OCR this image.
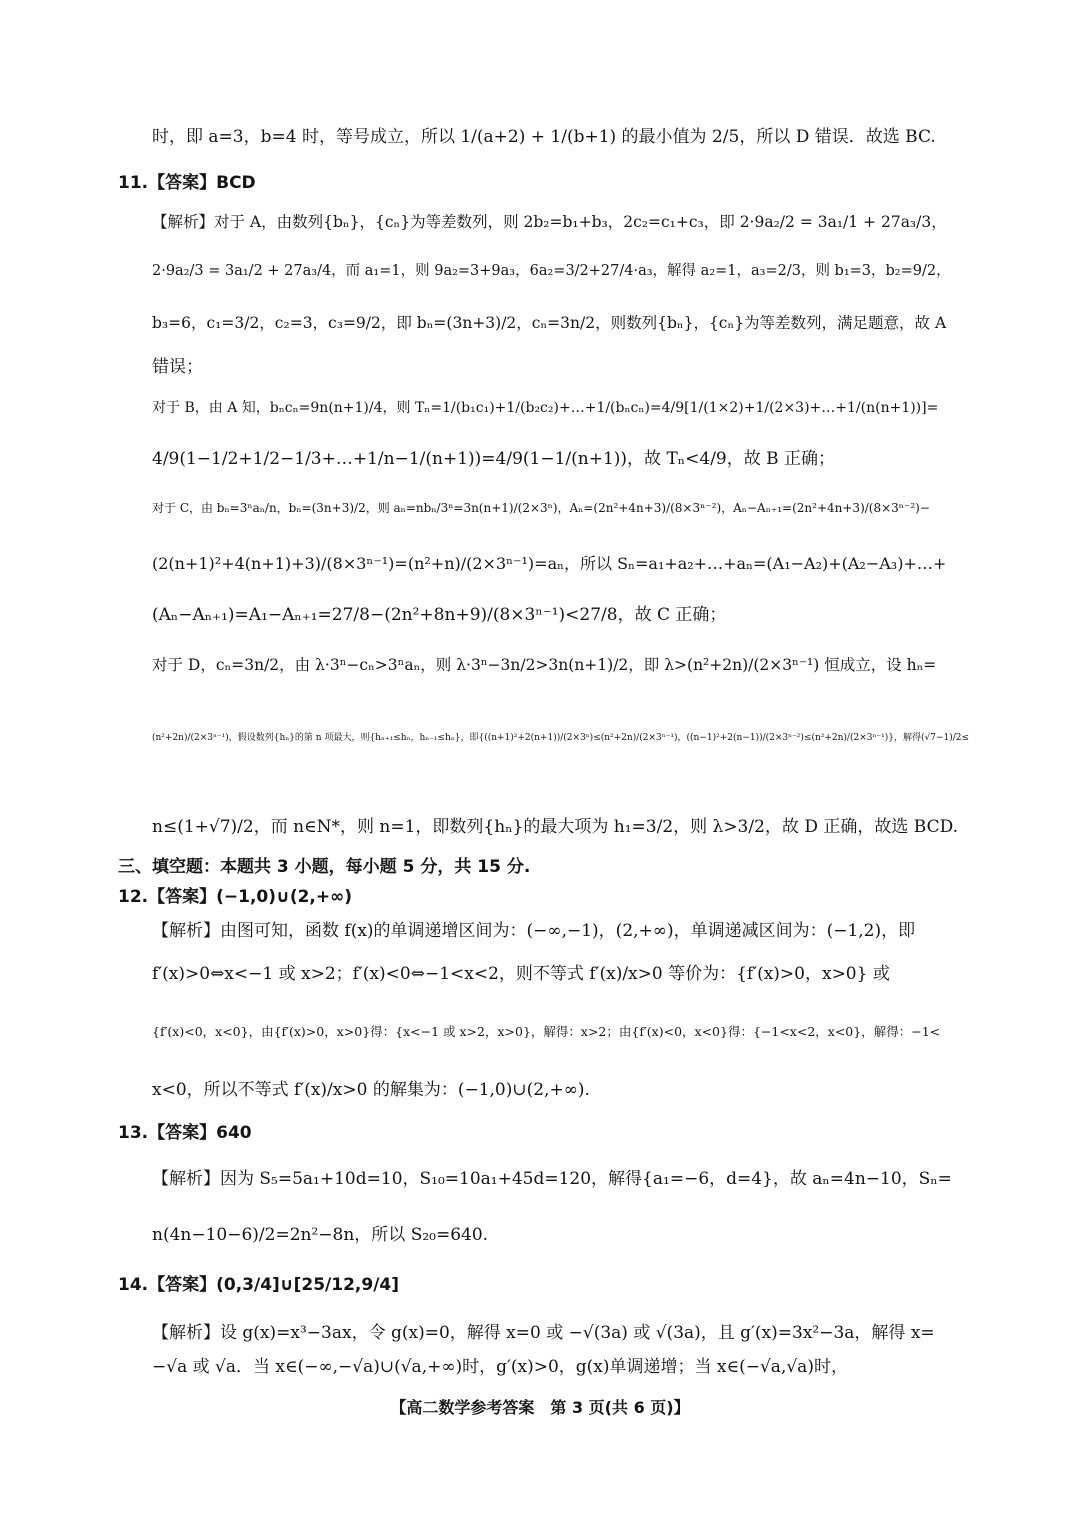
时，即 a=3，b=4 时，等号成立，所以 1/(a+2) + 1/(b+1) 的最小值为 2/5，所以 D 错误．故选 BC.
11.【答案】BCD
【解析】对于 A，由数列{bₙ}，{cₙ}为等差数列，则 2b₂=b₁+b₃，2c₂=c₁+c₃，即 2·9a₂/2 = 3a₁/1 + 27a₃/3，
2·9a₂/3 = 3a₁/2 + 27a₃/4，而 a₁=1，则 9a₂=3+9a₃，6a₂=3/2+27/4·a₃，解得 a₂=1，a₃=2/3，则 b₁=3，b₂=9/2，
b₃=6，c₁=3/2，c₂=3，c₃=9/2，即 bₙ=(3n+3)/2，cₙ=3n/2，则数列{bₙ}，{cₙ}为等差数列，满足题意，故 A
错误；
对于 B，由 A 知，bₙcₙ=9n(n+1)/4，则 Tₙ=1/(b₁c₁)+1/(b₂c₂)+…+1/(bₙcₙ)=4/9[1/(1×2)+1/(2×3)+…+1/(n(n+1))]=
4/9(1−1/2+1/2−1/3+…+1/n−1/(n+1))=4/9(1−1/(n+1))，故 Tₙ<4/9，故 B 正确；
对于 C，由 bₙ=3ⁿaₙ/n，bₙ=(3n+3)/2，则 aₙ=nbₙ/3ⁿ=3n(n+1)/(2×3ⁿ)，Aₙ=(2n²+4n+3)/(8×3ⁿ⁻²)，Aₙ−Aₙ₊₁=(2n²+4n+3)/(8×3ⁿ⁻²)−
(2(n+1)²+4(n+1)+3)/(8×3ⁿ⁻¹)=(n²+n)/(2×3ⁿ⁻¹)=aₙ，所以 Sₙ=a₁+a₂+…+aₙ=(A₁−A₂)+(A₂−A₃)+…+
(Aₙ−Aₙ₊₁)=A₁−Aₙ₊₁=27/8−(2n²+8n+9)/(8×3ⁿ⁻¹)<27/8，故 C 正确；
对于 D，cₙ=3n/2，由 λ·3ⁿ−cₙ>3ⁿaₙ，则 λ·3ⁿ−3n/2>3n(n+1)/2，即 λ>(n²+2n)/(2×3ⁿ⁻¹) 恒成立，设 hₙ=
(n²+2n)/(2×3ⁿ⁻¹)，假设数列{hₙ}的第 n 项最大，则{hₙ₊₁≤hₙ，hₙ₋₁≤hₙ}，即{((n+1)²+2(n+1))/(2×3ⁿ)≤(n²+2n)/(2×3ⁿ⁻¹)，((n−1)²+2(n−1))/(2×3ⁿ⁻²)≤(n²+2n)/(2×3ⁿ⁻¹)}，解得(√7−1)/2≤
n≤(1+√7)/2，而 n∈N*，则 n=1，即数列{hₙ}的最大项为 h₁=3/2，则 λ>3/2，故 D 正确，故选 BCD.
三、填空题：本题共 3 小题，每小题 5 分，共 15 分.
12.【答案】(−1,0)∪(2,+∞)
【解析】由图可知，函数 f(x)的单调递增区间为：(−∞,−1)，(2,+∞)，单调递减区间为：(−1,2)，即
f′(x)>0⇔x<−1 或 x>2；f′(x)<0⇔−1<x<2，则不等式 f′(x)/x>0 等价为：{f′(x)>0，x>0} 或
{f′(x)<0，x<0}，由{f′(x)>0，x>0}得：{x<−1 或 x>2，x>0}，解得：x>2；由{f′(x)<0，x<0}得：{−1<x<2，x<0}，解得：−1<
x<0，所以不等式 f′(x)/x>0 的解集为：(−1,0)∪(2,+∞).
13.【答案】640
【解析】因为 S₅=5a₁+10d=10，S₁₀=10a₁+45d=120，解得{a₁=−6，d=4}，故 aₙ=4n−10，Sₙ=
n(4n−10−6)/2=2n²−8n，所以 S₂₀=640.
14.【答案】(0,3/4]∪[25/12,9/4]
【解析】设 g(x)=x³−3ax，令 g(x)=0，解得 x=0 或 −√(3a) 或 √(3a)，且 g′(x)=3x²−3a，解得 x=
−√a 或 √a．当 x∈(−∞,−√a)∪(√a,+∞)时，g′(x)>0，g(x)单调递增；当 x∈(−√a,√a)时，
【高二数学参考答案　第 3 页(共 6 页)】
